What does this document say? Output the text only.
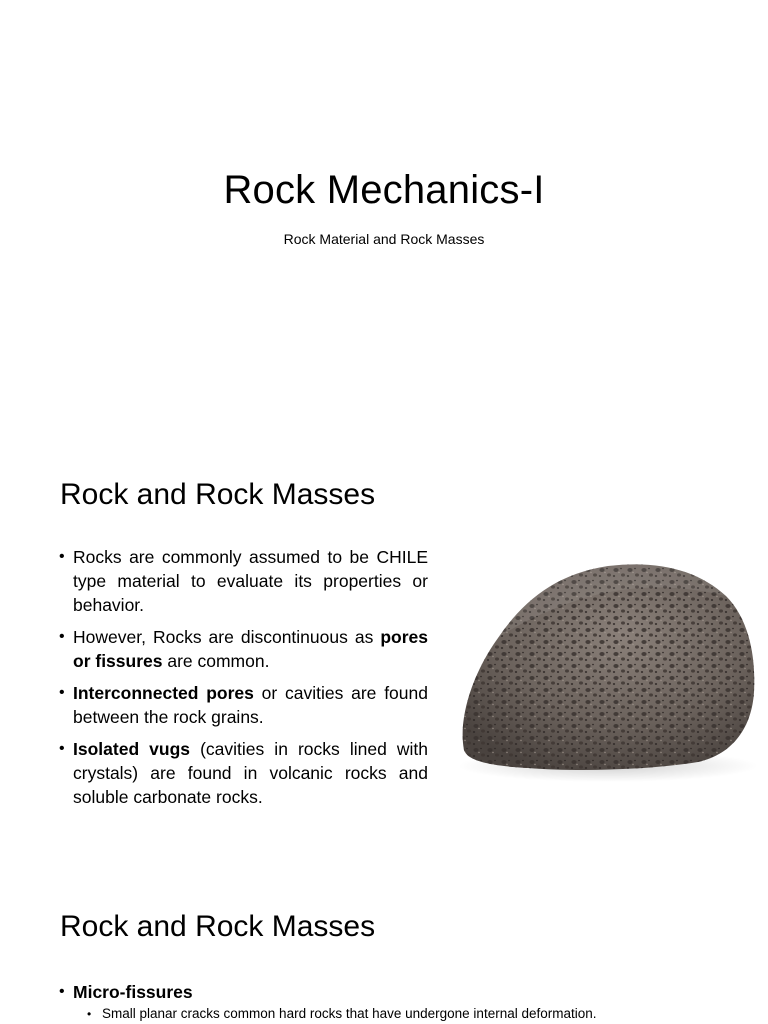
Rock Mechanics-I
Rock Material and Rock Masses
Rock and Rock Masses
• Rocks are commonly assumed to be CHILE type material to evaluate its properties or behavior.
• However, Rocks are discontinuous as pores or fissures are common.
• Interconnected pores or cavities are found between the rock grains.
• Isolated vugs (cavities in rocks lined with crystals) are found in volcanic rocks and soluble carbonate rocks.
Rock and Rock Masses
• Micro-fissures
• Small planar cracks common hard rocks that have undergone internal deformation.
